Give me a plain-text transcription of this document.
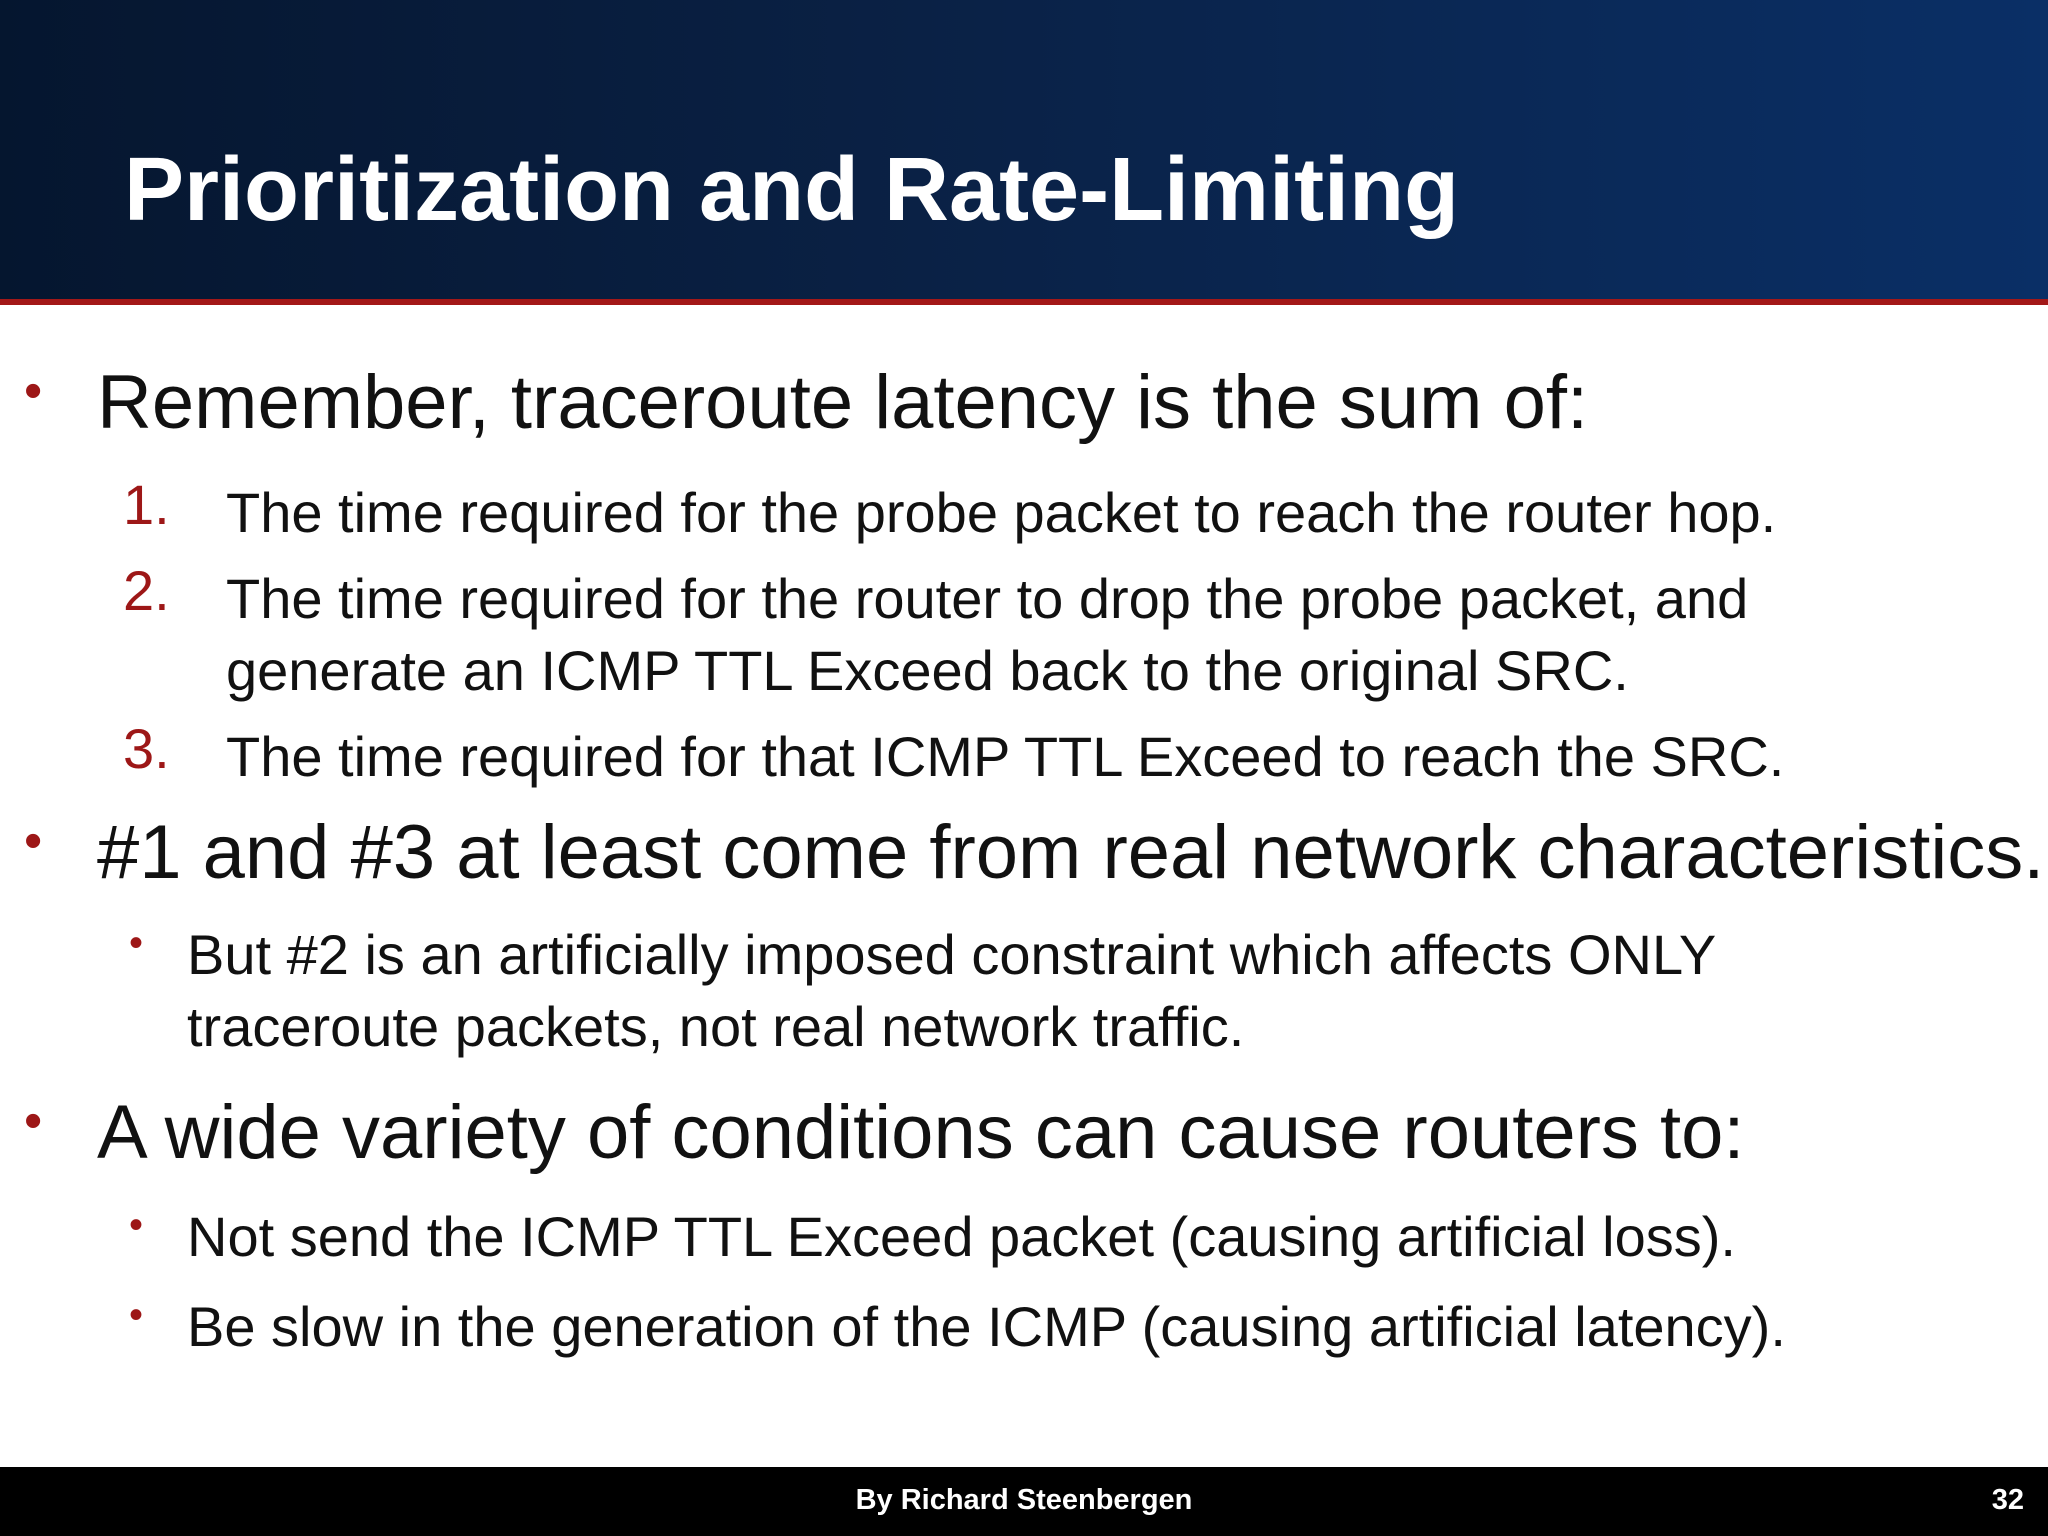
Prioritization and Rate-Limiting
• Remember, traceroute latency is the sum of:
1.	The time required for the probe packet to reach the router hop.
2.	The time required for the router to drop the probe packet, and
generate an ICMP TTL Exceed back to the original SRC.
3.	The time required for that ICMP TTL Exceed to reach the SRC.
• #1 and #3 at least come from real network characteristics.
• But #2 is an artificially imposed constraint which affects ONLY
traceroute packets, not real network traffic.
• A wide variety of conditions can cause routers to:
• Not send the ICMP TTL Exceed packet (causing artificial loss).
• Be slow in the generation of the ICMP (causing artificial latency).
By Richard Steenbergen	32
